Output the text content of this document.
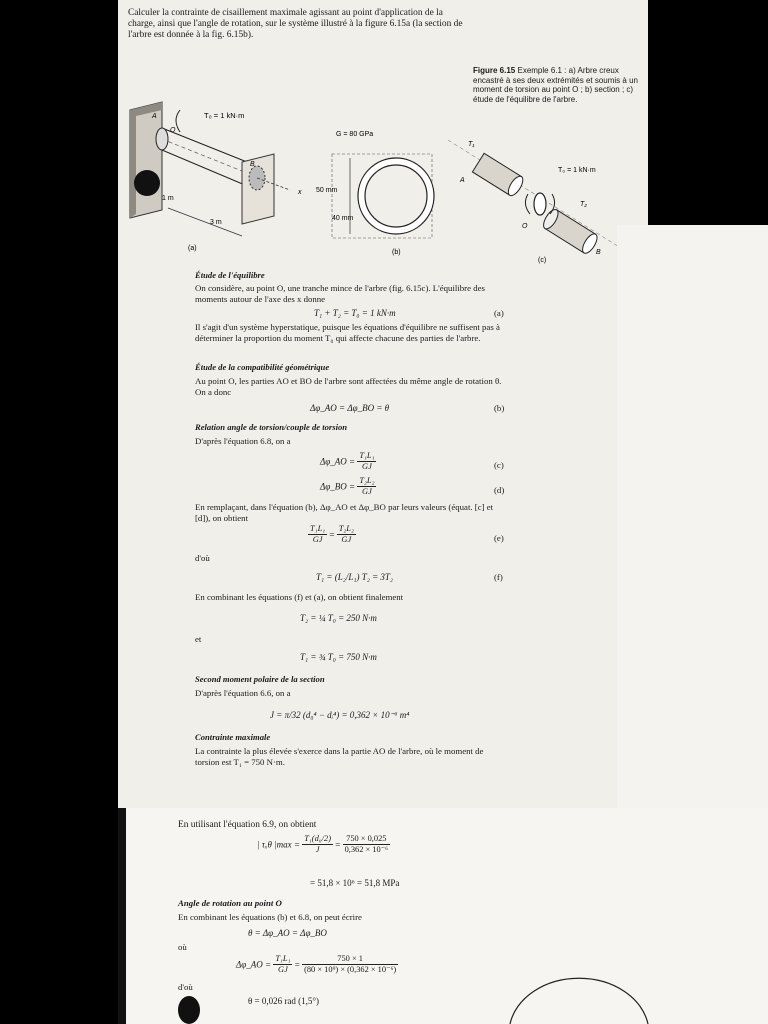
Calculer la contrainte de cisaillement maximale agissant au point d'application de la charge, ainsi que l'angle de rotation, sur le système illustré à la figure 6.15a (la section de l'arbre est donnée à la fig. 6.15b).
Figure 6.15 Exemple 6.1 : a) Arbre creux encastré à ses deux extrémités et soumis à un moment de torsion au point O ; b) section ; c) étude de l'équilibre de l'arbre.
T₀ = 1 kN·m
A
O
B
1 m
3 m
x
(a)
G = 80 GPa
50 mm
40 mm
(b)
T₁
T₀ = 1 kN·m
T₂
A
O
B
(c)
Étude de l'équilibre
On considère, au point O, une tranche mince de l'arbre (fig. 6.15c). L'équilibre des moments autour de l'axe des x donne
T₁ + T₂ = T₀ = 1 kN·m	(a)
Il s'agit d'un système hyperstatique, puisque les équations d'équilibre ne suffisent pas à déterminer la proportion du moment T₀ qui affecte chacune des parties de l'arbre.
Étude de la compatibilité géométrique
Au point O, les parties AO et BO de l'arbre sont affectées du même angle de rotation θ. On a donc
Δφ_AO = Δφ_BO = θ	(b)
Relation angle de torsion/couple de torsion
D'après l'équation 6.8, on a
Δφ_AO = $\frac{\text{T₁L₁}}{GJ}$	(c)
Δφ_BO = $\frac{\text{T₂L₂}}{GJ}$	(d)
En remplaçant, dans l'équation (b), Δφ_AO et Δφ_BO par leurs valeurs (équat. [c] et [d]), on obtient
$\frac{\text{T₁L₁}}{GJ} = \frac{\text{T₂L₂}}{GJ}$	(e)
d'où
T₁ = (L₂/L₁) T₂ = 3T₂	(f)
En combinant les équations (f) et (a), on obtient finalement
T₂ = ¼ T₀ = 250 N·m
et
T₁ = ¾ T₀ = 750 N·m
Second moment polaire de la section
D'après l'équation 6.6, on a
J = π/32 (d₀⁴ − dᵢ⁴) = 0,362 × 10⁻⁶ m⁴
Contrainte maximale
La contrainte la plus élevée s'exerce dans la partie AO de l'arbre, où le moment de torsion est T₁ = 750 N·m.
En utilisant l'équation 6.9, on obtient
| τₓθ $|\max = \frac{\text{T₁(d₀/2)}}{J} = \frac{750 \times 0,025}{\text{0,362 × 10⁻⁶}}$
= 51,8 × 10⁶ = 51,8 MPa
Angle de rotation au point O
En combinant les équations (b) et 6.8, on peut écrire
θ = Δφ_AO = Δφ_BO
où
Δφ_AO = $\frac{\text{T₁L₁}}{GJ} = \frac{750 \times 1}{\text{(80 × 10⁹) × (0,362 × 10⁻⁶)}}$
d'où
θ = 0,026 rad (1,5°)
